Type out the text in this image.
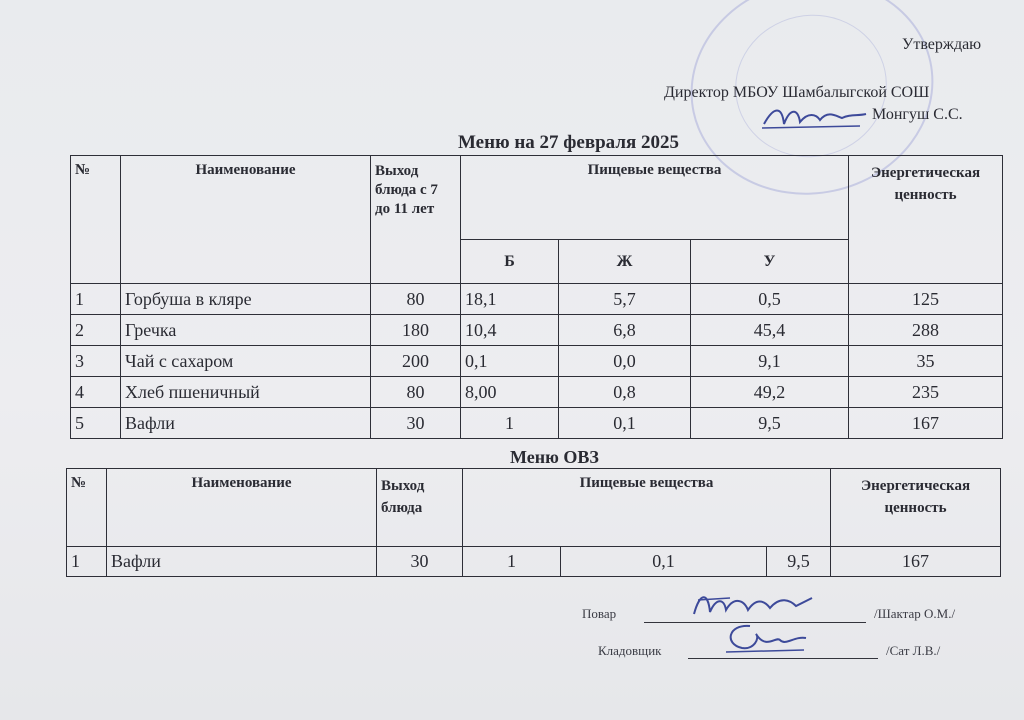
Утверждаю
Директор МБОУ Шамбалыгской СОШ
Монгуш С.С.
Меню на 27 февраля 2025
№	Наименование	Выход блюда с 7 до 11 лет	Пищевые вещества			Энергетическая ценность
			Б	Ж	У	
1	Горбуша в кляре	80	18,1	5,7	0,5	125
2	Гречка	180	10,4	6,8	45,4	288
3	Чай с сахаром	200	0,1	0,0	9,1	35
4	Хлеб пшеничный	80	8,00	0,8	49,2	235
5	Вафли	30	1	0,1	9,5	167
Меню ОВЗ
№	Наименование	Выход блюда	Пищевые вещества			Энергетическая ценность
1	Вафли	30	1	0,1	9,5	167
Повар	/Шактар О.М./
Кладовщик	/Сат Л.В./
